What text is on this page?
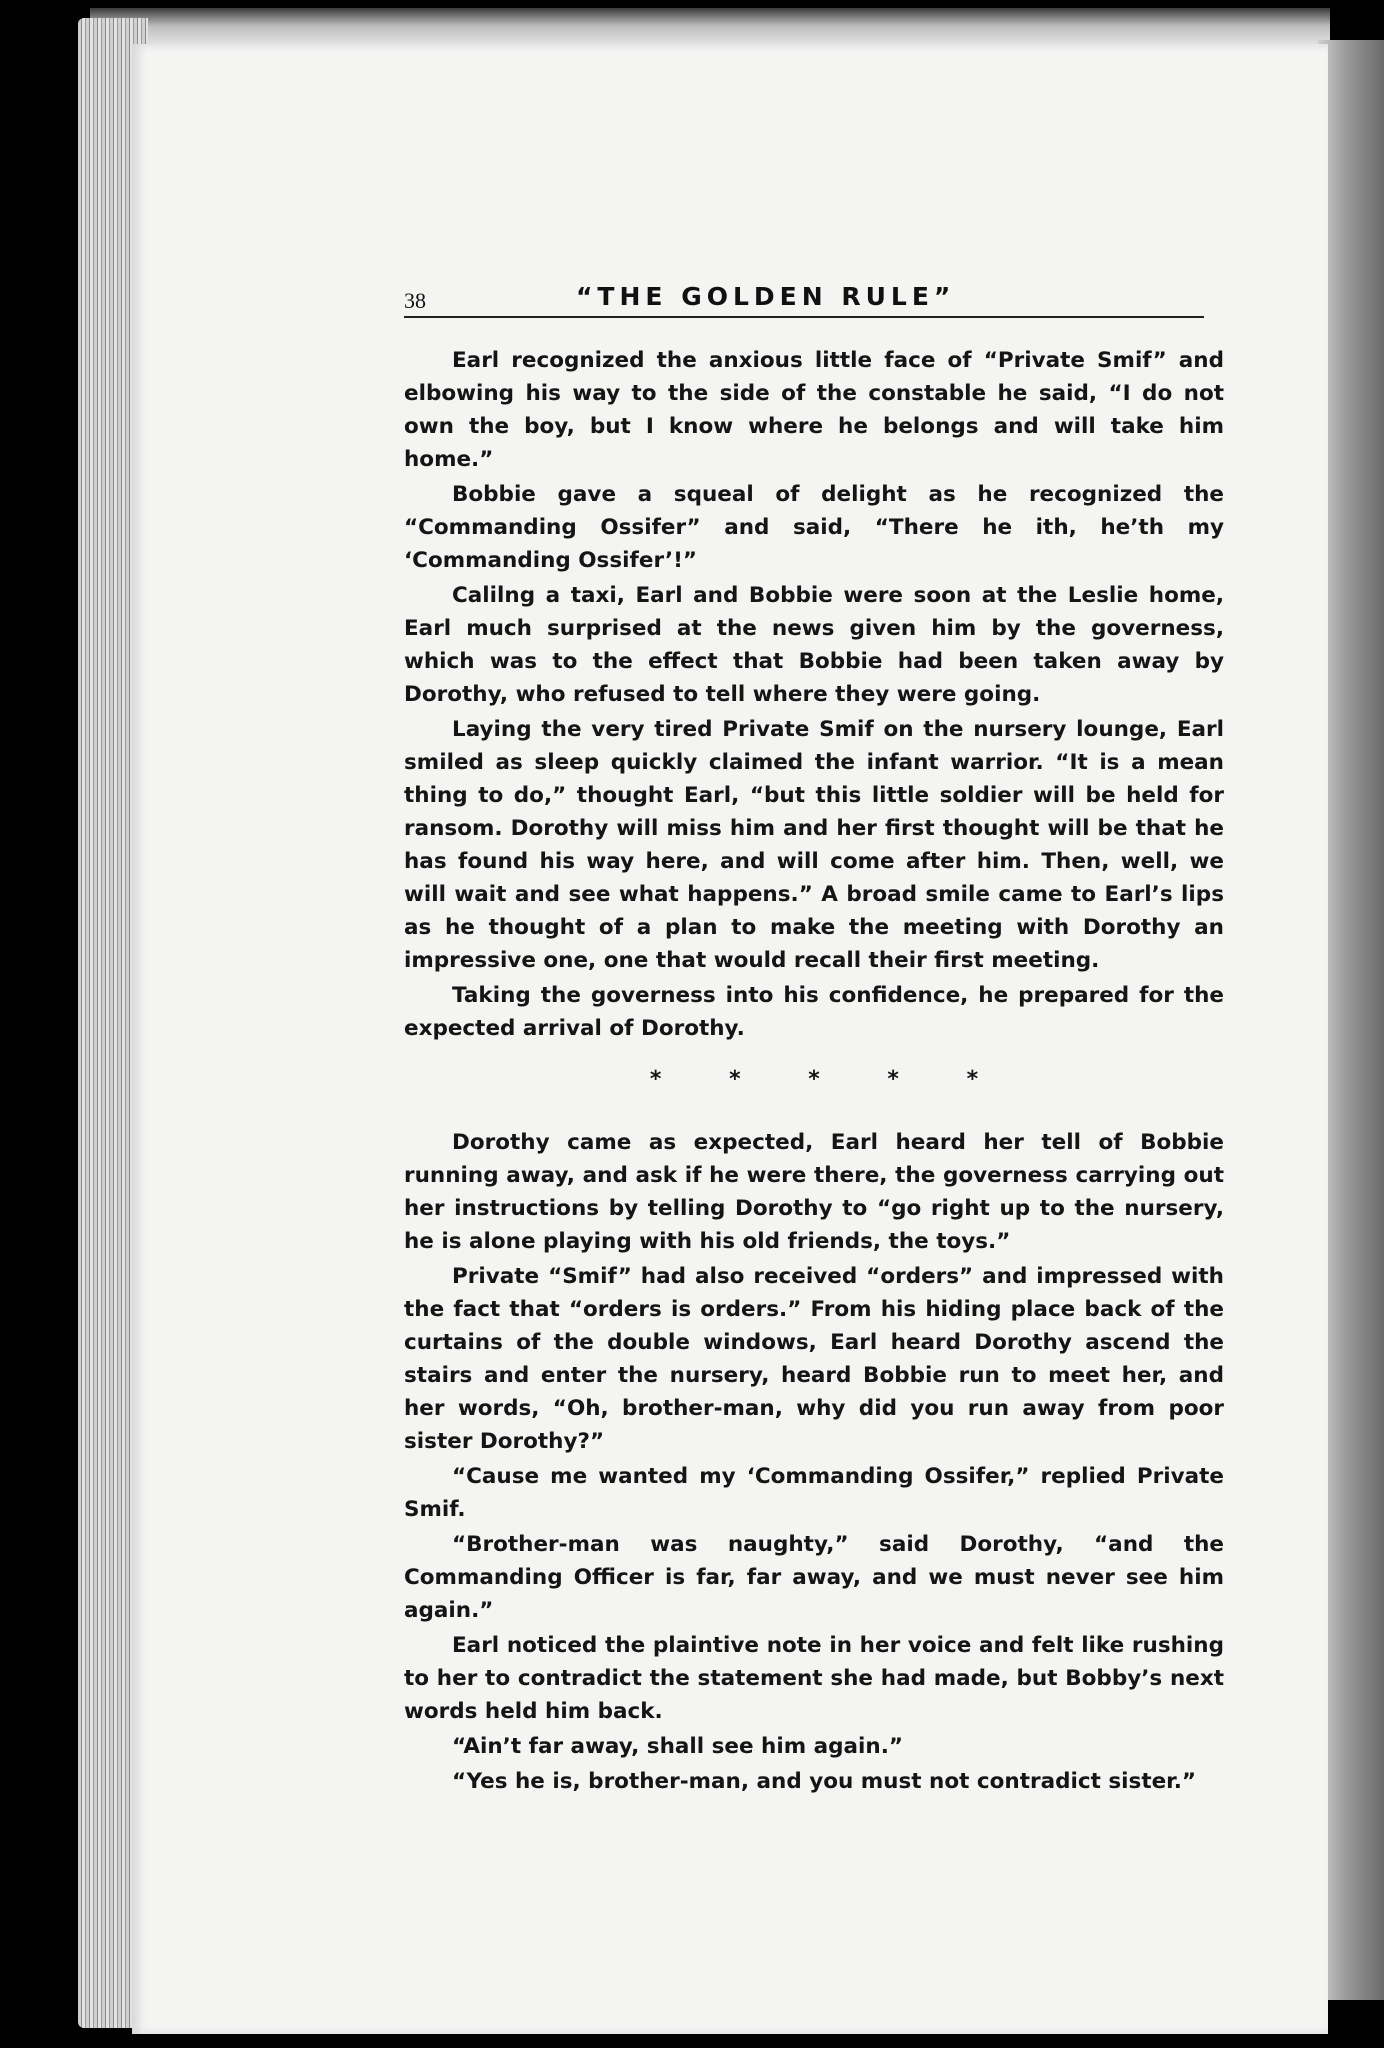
38	“THE GOLDEN RULE”

Earl recognized the anxious little face of “Private Smif” and elbowing his way to the side of the constable he said, “I do not own the boy, but I know where he belongs and will take him home.”

Bobbie gave a squeal of delight as he recognized the “Commanding Ossifer” and said, “There he ith, he’th my ‘Commanding Ossifer’!”

Calilng a taxi, Earl and Bobbie were soon at the Leslie home, Earl much surprised at the news given him by the governess, which was to the effect that Bobbie had been taken away by Dorothy, who refused to tell where they were going.

Laying the very tired Private Smif on the nursery lounge, Earl smiled as sleep quickly claimed the infant warrior. “It is a mean thing to do,” thought Earl, “but this little soldier will be held for ransom. Dorothy will miss him and her first thought will be that he has found his way here, and will come after him. Then, well, we will wait and see what happens.” A broad smile came to Earl’s lips as he thought of a plan to make the meeting with Dorothy an impressive one, one that would recall their first meeting.

Taking the governess into his confidence, he prepared for the expected arrival of Dorothy.

* * * * *

Dorothy came as expected, Earl heard her tell of Bobbie running away, and ask if he were there, the governess carrying out her instructions by telling Dorothy to “go right up to the nursery, he is alone playing with his old friends, the toys.”

Private “Smif” had also received “orders” and impressed with the fact that “orders is orders.” From his hiding place back of the curtains of the double windows, Earl heard Dorothy ascend the stairs and enter the nursery, heard Bobbie run to meet her, and her words, “Oh, brother-man, why did you run away from poor sister Dorothy?”

“Cause me wanted my ‘Commanding Ossifer,” replied Private Smif.

“Brother-man was naughty,” said Dorothy, “and the Commanding Officer is far, far away, and we must never see him again.”

Earl noticed the plaintive note in her voice and felt like rushing to her to contradict the statement she had made, but Bobby’s next words held him back.

“Ain’t far away, shall see him again.”

“Yes he is, brother-man, and you must not contradict sister.”
